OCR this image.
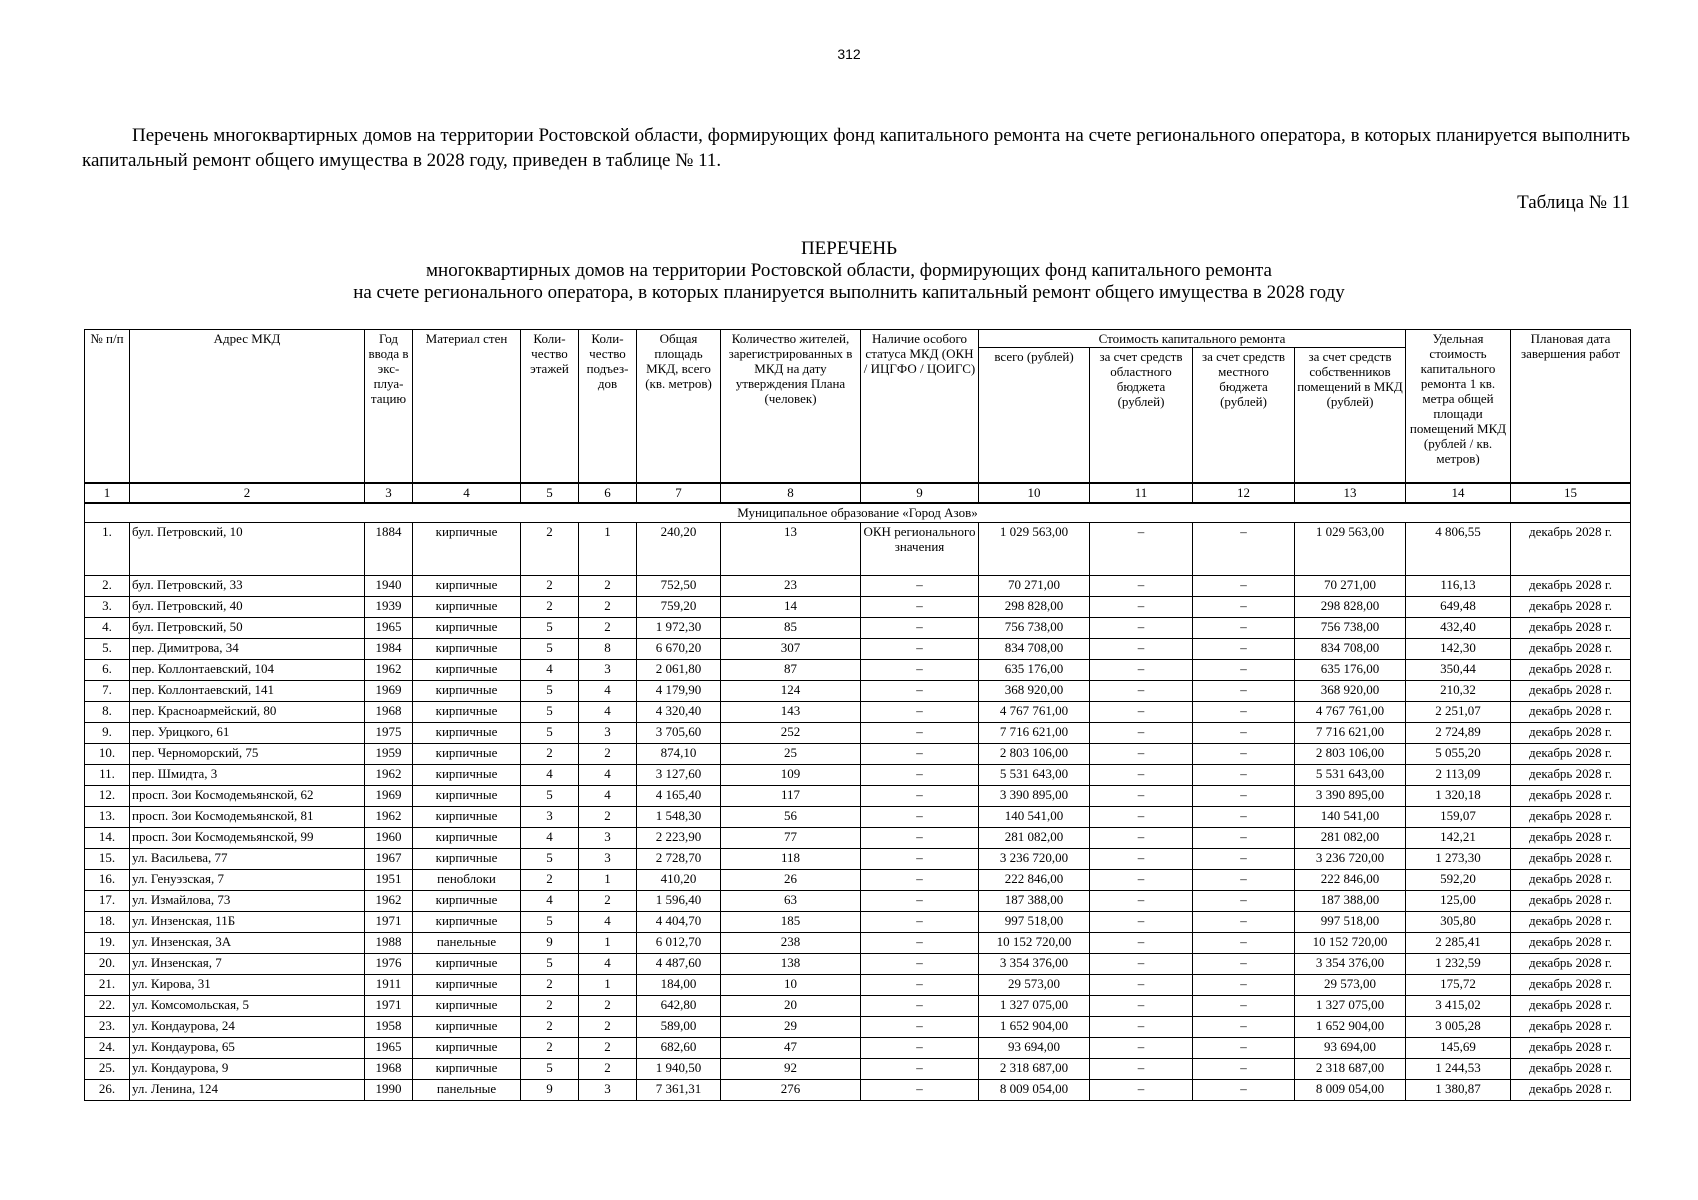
312
Перечень многоквартирных домов на территории Ростовской области, формирующих фонд капитального ремонта на счете регионального оператора, в которых планируется выполнить капитальный ремонт общего имущества в 2028 году, приведен в таблице № 11.
Таблица № 11
ПЕРЕЧЕНЬ
многоквартирных домов на территории Ростовской области, формирующих фонд капитального ремонта
на счете регионального оператора, в которых планируется выполнить капитальный ремонт общего имущества в 2028 году
№ п/п	Адрес МКД	Год ввода в экс-плуа-тацию	Материал стен	Коли-чество этажей	Коли-чество подъез-дов	Общая площадь МКД, всего (кв. метров)	Количество жителей, зарегистрированных в МКД на дату утверждения Плана (человек)	Наличие особого статуса МКД (ОКН / ИЦГФО / ЦОИГС)	Стоимость капитального ремонта				Удельная стоимость капитального ремонта 1 кв. метра общей площади помещений МКД (рублей / кв. метров)	Плановая дата завершения работ
									всего (рублей)	за счет средств областного бюджета (рублей)	за счет средств местного бюджета (рублей)	за счет средств собственников помещений в МКД (рублей)		
1	2	3	4	5	6	7	8	9	10	11	12	13	14	15
Муниципальное образование «Город Азов»														
1.	бул. Петровский, 10	1884	кирпичные	2	1	240,20	13	ОКН регионального значения	1 029 563,00	–	–	1 029 563,00	4 806,55	декабрь 2028 г.
2.	бул. Петровский, 33	1940	кирпичные	2	2	752,50	23	–	70 271,00	–	–	70 271,00	116,13	декабрь 2028 г.
3.	бул. Петровский, 40	1939	кирпичные	2	2	759,20	14	–	298 828,00	–	–	298 828,00	649,48	декабрь 2028 г.
4.	бул. Петровский, 50	1965	кирпичные	5	2	1 972,30	85	–	756 738,00	–	–	756 738,00	432,40	декабрь 2028 г.
5.	пер. Димитрова, 34	1984	кирпичные	5	8	6 670,20	307	–	834 708,00	–	–	834 708,00	142,30	декабрь 2028 г.
6.	пер. Коллонтаевский, 104	1962	кирпичные	4	3	2 061,80	87	–	635 176,00	–	–	635 176,00	350,44	декабрь 2028 г.
7.	пер. Коллонтаевский, 141	1969	кирпичные	5	4	4 179,90	124	–	368 920,00	–	–	368 920,00	210,32	декабрь 2028 г.
8.	пер. Красноармейский, 80	1968	кирпичные	5	4	4 320,40	143	–	4 767 761,00	–	–	4 767 761,00	2 251,07	декабрь 2028 г.
9.	пер. Урицкого, 61	1975	кирпичные	5	3	3 705,60	252	–	7 716 621,00	–	–	7 716 621,00	2 724,89	декабрь 2028 г.
10.	пер. Черноморский, 75	1959	кирпичные	2	2	874,10	25	–	2 803 106,00	–	–	2 803 106,00	5 055,20	декабрь 2028 г.
11.	пер. Шмидта, 3	1962	кирпичные	4	4	3 127,60	109	–	5 531 643,00	–	–	5 531 643,00	2 113,09	декабрь 2028 г.
12.	просп. Зои Космодемьянской, 62	1969	кирпичные	5	4	4 165,40	117	–	3 390 895,00	–	–	3 390 895,00	1 320,18	декабрь 2028 г.
13.	просп. Зои Космодемьянской, 81	1962	кирпичные	3	2	1 548,30	56	–	140 541,00	–	–	140 541,00	159,07	декабрь 2028 г.
14.	просп. Зои Космодемьянской, 99	1960	кирпичные	4	3	2 223,90	77	–	281 082,00	–	–	281 082,00	142,21	декабрь 2028 г.
15.	ул. Васильева, 77	1967	кирпичные	5	3	2 728,70	118	–	3 236 720,00	–	–	3 236 720,00	1 273,30	декабрь 2028 г.
16.	ул. Генуэзская, 7	1951	пеноблоки	2	1	410,20	26	–	222 846,00	–	–	222 846,00	592,20	декабрь 2028 г.
17.	ул. Измайлова, 73	1962	кирпичные	4	2	1 596,40	63	–	187 388,00	–	–	187 388,00	125,00	декабрь 2028 г.
18.	ул. Инзенская, 11Б	1971	кирпичные	5	4	4 404,70	185	–	997 518,00	–	–	997 518,00	305,80	декабрь 2028 г.
19.	ул. Инзенская, 3А	1988	панельные	9	1	6 012,70	238	–	10 152 720,00	–	–	10 152 720,00	2 285,41	декабрь 2028 г.
20.	ул. Инзенская, 7	1976	кирпичные	5	4	4 487,60	138	–	3 354 376,00	–	–	3 354 376,00	1 232,59	декабрь 2028 г.
21.	ул. Кирова, 31	1911	кирпичные	2	1	184,00	10	–	29 573,00	–	–	29 573,00	175,72	декабрь 2028 г.
22.	ул. Комсомольская, 5	1971	кирпичные	2	2	642,80	20	–	1 327 075,00	–	–	1 327 075,00	3 415,02	декабрь 2028 г.
23.	ул. Кондаурова, 24	1958	кирпичные	2	2	589,00	29	–	1 652 904,00	–	–	1 652 904,00	3 005,28	декабрь 2028 г.
24.	ул. Кондаурова, 65	1965	кирпичные	2	2	682,60	47	–	93 694,00	–	–	93 694,00	145,69	декабрь 2028 г.
25.	ул. Кондаурова, 9	1968	кирпичные	5	2	1 940,50	92	–	2 318 687,00	–	–	2 318 687,00	1 244,53	декабрь 2028 г.
26.	ул. Ленина, 124	1990	панельные	9	3	7 361,31	276	–	8 009 054,00	–	–	8 009 054,00	1 380,87	декабрь 2028 г.
